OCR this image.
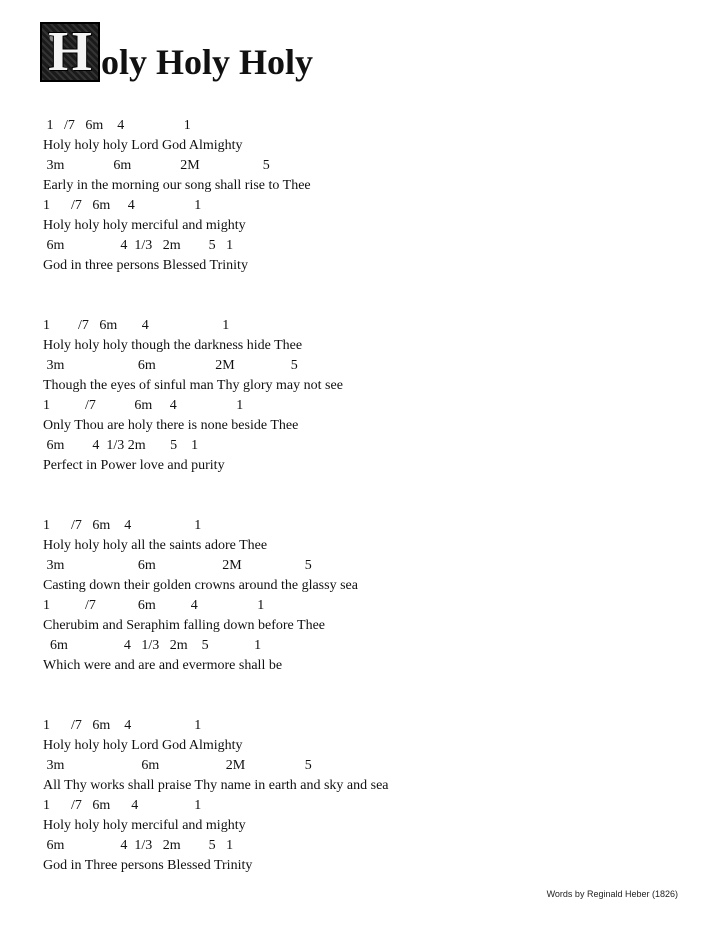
H oly Holy Holy
1   /7   6m    4                 1
Holy holy holy Lord God Almighty
3m              6m              2M                  5
Early in the morning our song shall rise to Thee
1      /7   6m     4                 1
Holy holy holy merciful and mighty
6m                4  1/3   2m        5   1
God in three persons Blessed Trinity
1        /7   6m       4                     1
Holy holy holy though the darkness hide Thee
3m                     6m                 2M                5
Though the eyes of sinful man Thy glory may not see
1          /7           6m     4                 1
Only Thou are holy there is none beside Thee
6m        4  1/3 2m       5    1
Perfect in Power love and purity
1      /7   6m    4                  1
Holy holy holy all the saints adore Thee
3m                     6m                   2M                  5
Casting down their golden crowns around the glassy sea
1          /7            6m          4                 1
Cherubim and Seraphim falling down before Thee
6m                4   1/3   2m    5             1
Which were and are and evermore shall be
1      /7   6m    4                  1
Holy holy holy Lord God Almighty
3m                      6m                   2M                 5
All Thy works shall praise Thy name in earth and sky and sea
1      /7   6m      4                1
Holy holy holy merciful and mighty
6m                4  1/3   2m        5   1
God in Three persons Blessed Trinity
Words by Reginald Heber (1826)
